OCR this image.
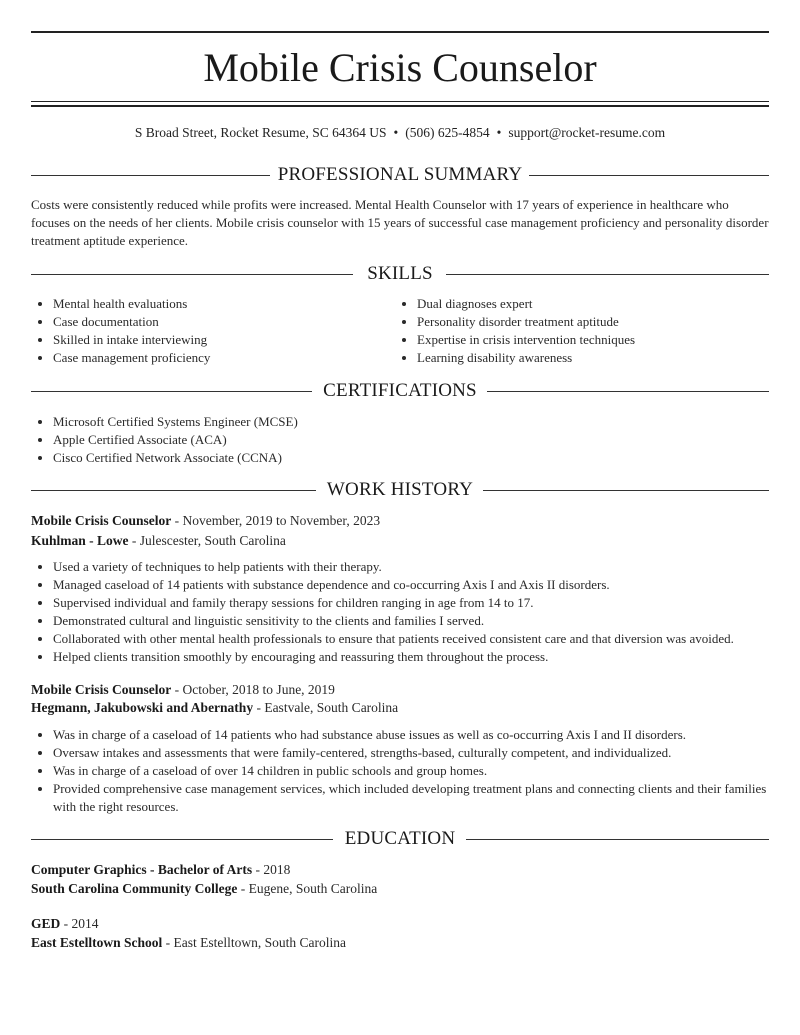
Mobile Crisis Counselor
S Broad Street, Rocket Resume, SC 64364 US • (506) 625-4854 • support@rocket-resume.com
PROFESSIONAL SUMMARY
Costs were consistently reduced while profits were increased. Mental Health Counselor with 17 years of experience in healthcare who focuses on the needs of her clients. Mobile crisis counselor with 15 years of successful case management proficiency and personality disorder treatment aptitude experience.
SKILLS
• Mental health evaluations
• Case documentation
• Skilled in intake interviewing
• Case management proficiency
• Dual diagnoses expert
• Personality disorder treatment aptitude
• Expertise in crisis intervention techniques
• Learning disability awareness
CERTIFICATIONS
• Microsoft Certified Systems Engineer (MCSE)
• Apple Certified Associate (ACA)
• Cisco Certified Network Associate (CCNA)
WORK HISTORY
Mobile Crisis Counselor - November, 2019 to November, 2023
Kuhlman - Lowe - Julescester, South Carolina
• Used a variety of techniques to help patients with their therapy.
• Managed caseload of 14 patients with substance dependence and co-occurring Axis I and Axis II disorders.
• Supervised individual and family therapy sessions for children ranging in age from 14 to 17.
• Demonstrated cultural and linguistic sensitivity to the clients and families I served.
• Collaborated with other mental health professionals to ensure that patients received consistent care and that diversion was avoided.
• Helped clients transition smoothly by encouraging and reassuring them throughout the process.
Mobile Crisis Counselor - October, 2018 to June, 2019
Hegmann, Jakubowski and Abernathy - Eastvale, South Carolina
• Was in charge of a caseload of 14 patients who had substance abuse issues as well as co-occurring Axis I and II disorders.
• Oversaw intakes and assessments that were family-centered, strengths-based, culturally competent, and individualized.
• Was in charge of a caseload of over 14 children in public schools and group homes.
• Provided comprehensive case management services, which included developing treatment plans and connecting clients and their families with the right resources.
EDUCATION
Computer Graphics - Bachelor of Arts - 2018
South Carolina Community College - Eugene, South Carolina
GED - 2014
East Estelltown School - East Estelltown, South Carolina
